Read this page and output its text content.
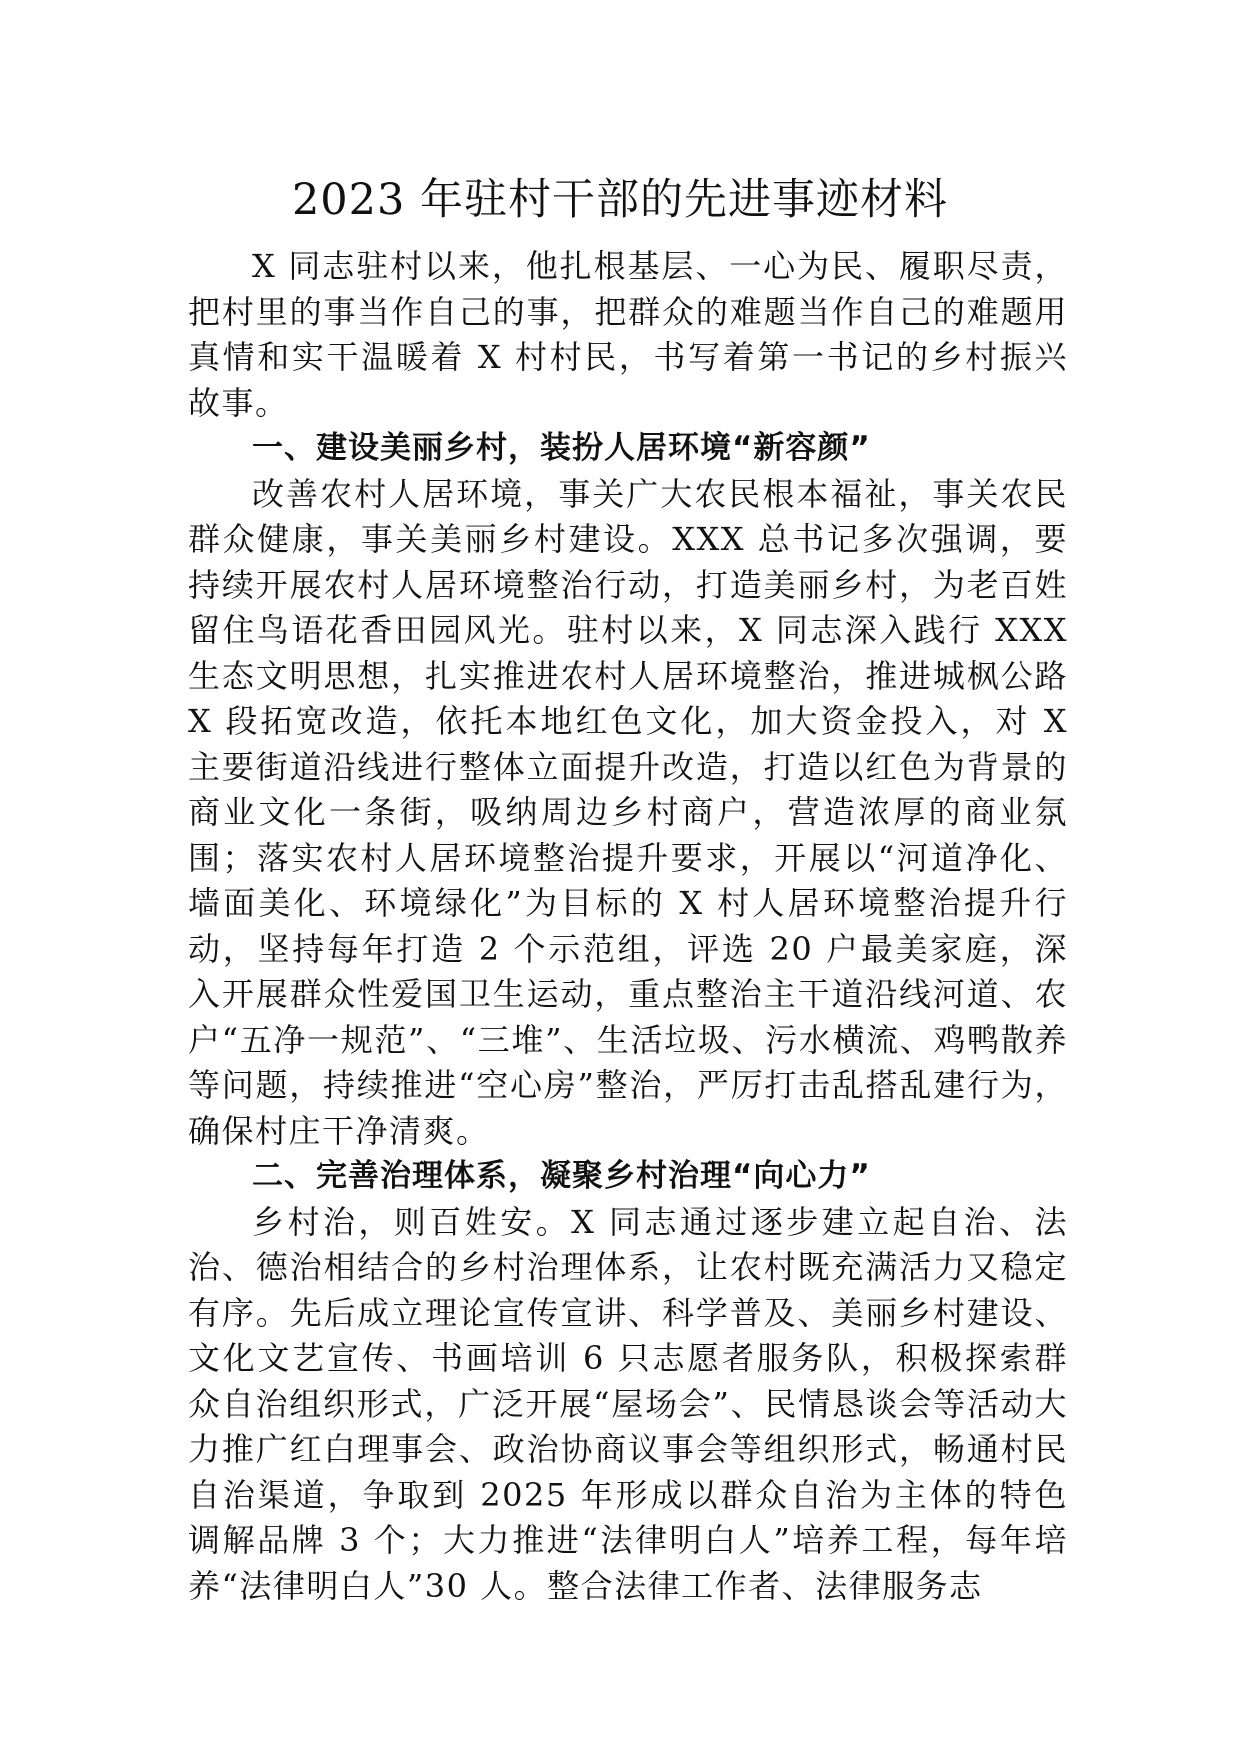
2023 年驻村干部的先进事迹材料

X 同志驻村以来，他扎根基层、一心为民、履职尽责，把村里的事当作自己的事，把群众的难题当作自己的难题用真情和实干温暖着 X 村村民，书写着第一书记的乡村振兴故事。

一、建设美丽乡村，装扮人居环境“新容颜”

改善农村人居环境，事关广大农民根本福祉，事关农民群众健康，事关美丽乡村建设。XXX 总书记多次强调，要持续开展农村人居环境整治行动，打造美丽乡村，为老百姓留住鸟语花香田园风光。驻村以来，X 同志深入践行 XXX 生态文明思想，扎实推进农村人居环境整治，推进城枫公路 X 段拓宽改造，依托本地红色文化，加大资金投入，对 X 主要街道沿线进行整体立面提升改造，打造以红色为背景的商业文化一条街，吸纳周边乡村商户，营造浓厚的商业氛围；落实农村人居环境整治提升要求，开展以“河道净化、墙面美化、环境绿化”为目标的 X 村人居环境整治提升行动，坚持每年打造 2 个示范组，评选 20 户最美家庭，深入开展群众性爱国卫生运动，重点整治主干道沿线河道、农户“五净一规范”、“三堆”、生活垃圾、污水横流、鸡鸭散养等问题，持续推进“空心房”整治，严厉打击乱搭乱建行为，确保村庄干净清爽。

二、完善治理体系，凝聚乡村治理“向心力”

乡村治，则百姓安。X 同志通过逐步建立起自治、法治、德治相结合的乡村治理体系，让农村既充满活力又稳定有序。先后成立理论宣传宣讲、科学普及、美丽乡村建设、文化文艺宣传、书画培训 6 只志愿者服务队，积极探索群众自治组织形式，广泛开展“屋场会”、民情恳谈会等活动大力推广红白理事会、政治协商议事会等组织形式，畅通村民自治渠道，争取到 2025 年形成以群众自治为主体的特色调解品牌 3 个；大力推进“法律明白人”培养工程，每年培养“法律明白人”30 人。整合法律工作者、法律服务志
